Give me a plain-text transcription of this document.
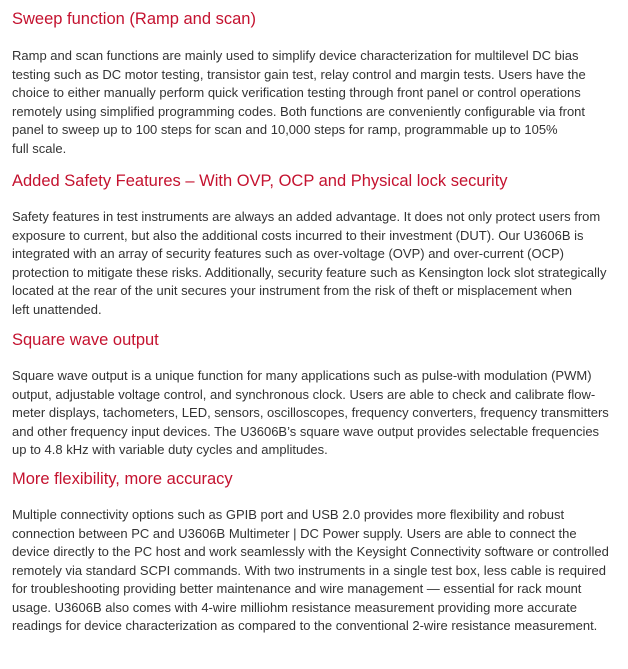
Sweep function (Ramp and scan)

Ramp and scan functions are mainly used to simplify device characterization for multilevel DC bias
testing such as DC motor testing, transistor gain test, relay control and margin tests. Users have the
choice to either manually perform quick verification testing through front panel or control operations
remotely using simplified programming codes. Both functions are conveniently configurable via front
panel to sweep up to 100 steps for scan and 10,000 steps for ramp, programmable up to 105%
full scale.

Added Safety Features – With OVP, OCP and Physical lock security

Safety features in test instruments are always an added advantage. It does not only protect users from
exposure to current, but also the additional costs incurred to their investment (DUT). Our U3606B is
integrated with an array of security features such as over-voltage (OVP) and over-current (OCP)
protection to mitigate these risks. Additionally, security feature such as Kensington lock slot strategically
located at the rear of the unit secures your instrument from the risk of theft or misplacement when
left unattended.

Square wave output

Square wave output is a unique function for many applications such as pulse-with modulation (PWM)
output, adjustable voltage control, and synchronous clock. Users are able to check and calibrate flow-
meter displays, tachometers, LED, sensors, oscilloscopes, frequency converters, frequency transmitters
and other frequency input devices. The U3606B’s square wave output provides selectable frequencies
up to 4.8 kHz with variable duty cycles and amplitudes.

More flexibility, more accuracy

Multiple connectivity options such as GPIB port and USB 2.0 provides more flexibility and robust
connection between PC and U3606B Multimeter | DC Power supply. Users are able to connect the
device directly to the PC host and work seamlessly with the Keysight Connectivity software or controlled
remotely via standard SCPI commands. With two instruments in a single test box, less cable is required
for troubleshooting providing better maintenance and wire management — essential for rack mount
usage. U3606B also comes with 4-wire milliohm resistance measurement providing more accurate
readings for device characterization as compared to the conventional 2-wire resistance measurement.
